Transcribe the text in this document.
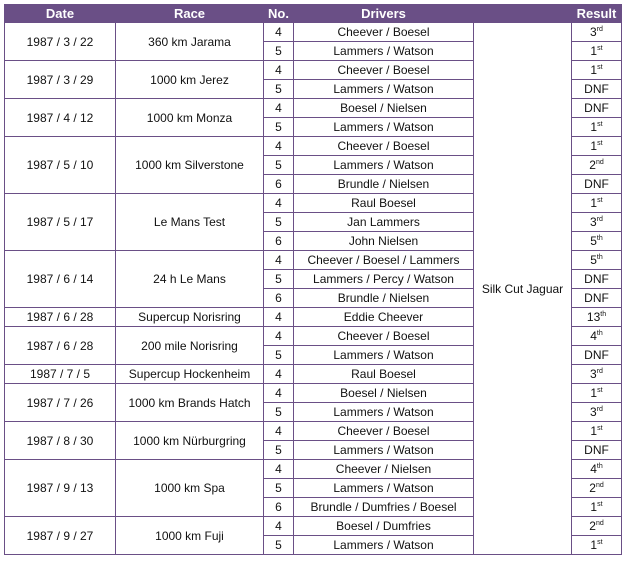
Date	Race	No.	Drivers		Result
1987 / 3 / 22	360 km Jarama	4	Cheever / Boesel	Silk Cut Jaguar	3rd
		5	Lammers / Watson		1st
1987 / 3 / 29	1000 km Jerez	4	Cheever / Boesel		1st
		5	Lammers / Watson		DNF
1987 / 4 / 12	1000 km Monza	4	Boesel / Nielsen		DNF
		5	Lammers / Watson		1st
1987 / 5 / 10	1000 km Silverstone	4	Cheever / Boesel		1st
		5	Lammers / Watson		2nd
		6	Brundle / Nielsen		DNF
1987 / 5 / 17	Le Mans Test	4	Raul Boesel		1st
		5	Jan Lammers		3rd
		6	John Nielsen		5th
1987 / 6 / 14	24 h Le Mans	4	Cheever / Boesel / Lammers		5th
		5	Lammers / Percy / Watson		DNF
		6	Brundle / Nielsen		DNF
1987 / 6 / 28	Supercup Norisring	4	Eddie Cheever		13th
1987 / 6 / 28	200 mile Norisring	4	Cheever / Boesel		4th
		5	Lammers / Watson		DNF
1987 / 7 / 5	Supercup Hockenheim	4	Raul Boesel		3rd
1987 / 7 / 26	1000 km Brands Hatch	4	Boesel / Nielsen		1st
		5	Lammers / Watson		3rd
1987 / 8 / 30	1000 km Nürburgring	4	Cheever / Boesel		1st
		5	Lammers / Watson		DNF
1987 / 9 / 13	1000 km Spa	4	Cheever / Nielsen		4th
		5	Lammers / Watson		2nd
		6	Brundle / Dumfries / Boesel		1st
1987 / 9 / 27	1000 km Fuji	4	Boesel / Dumfries		2nd
		5	Lammers / Watson		1st
